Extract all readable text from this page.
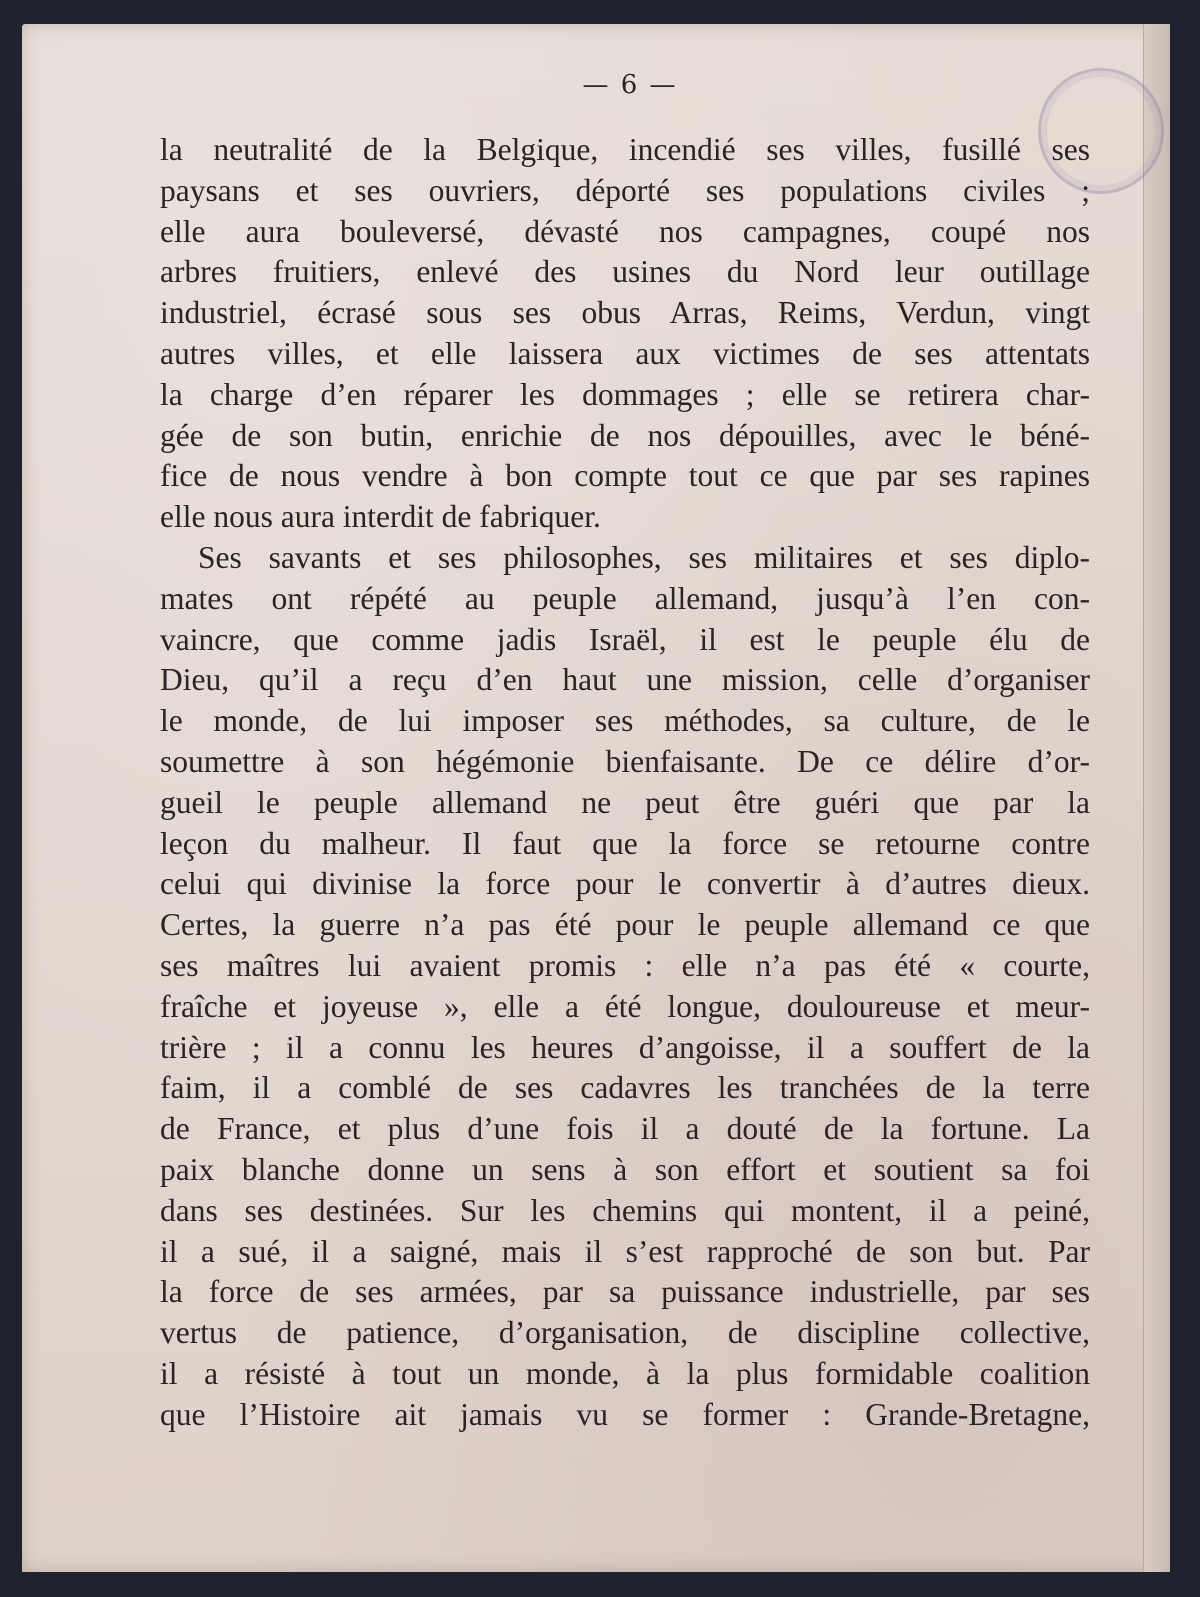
— 6 —
la neutralité de la Belgique, incendié ses villes, fusillé ses
paysans et ses ouvriers, déporté ses populations civiles ;
elle aura bouleversé, dévasté nos campagnes, coupé nos
arbres fruitiers, enlevé des usines du Nord leur outillage
industriel, écrasé sous ses obus Arras, Reims, Verdun, vingt
autres villes, et elle laissera aux victimes de ses attentats
la charge d’en réparer les dommages ; elle se retirera char-
gée de son butin, enrichie de nos dépouilles, avec le béné-
fice de nous vendre à bon compte tout ce que par ses rapines
elle nous aura interdit de fabriquer.
Ses savants et ses philosophes, ses militaires et ses diplo-
mates ont répété au peuple allemand, jusqu’à l’en con-
vaincre, que comme jadis Israël, il est le peuple élu de
Dieu, qu’il a reçu d’en haut une mission, celle d’organiser
le monde, de lui imposer ses méthodes, sa culture, de le
soumettre à son hégémonie bienfaisante. De ce délire d’or-
gueil le peuple allemand ne peut être guéri que par la
leçon du malheur. Il faut que la force se retourne contre
celui qui divinise la force pour le convertir à d’autres dieux.
Certes, la guerre n’a pas été pour le peuple allemand ce que
ses maîtres lui avaient promis : elle n’a pas été « courte,
fraîche et joyeuse », elle a été longue, douloureuse et meur-
trière ; il a connu les heures d’angoisse, il a souffert de la
faim, il a comblé de ses cadavres les tranchées de la terre
de France, et plus d’une fois il a douté de la fortune. La
paix blanche donne un sens à son effort et soutient sa foi
dans ses destinées. Sur les chemins qui montent, il a peiné,
il a sué, il a saigné, mais il s’est rapproché de son but. Par
la force de ses armées, par sa puissance industrielle, par ses
vertus de patience, d’organisation, de discipline collective,
il a résisté à tout un monde, à la plus formidable coalition
que l’Histoire ait jamais vu se former : Grande-Bretagne,
